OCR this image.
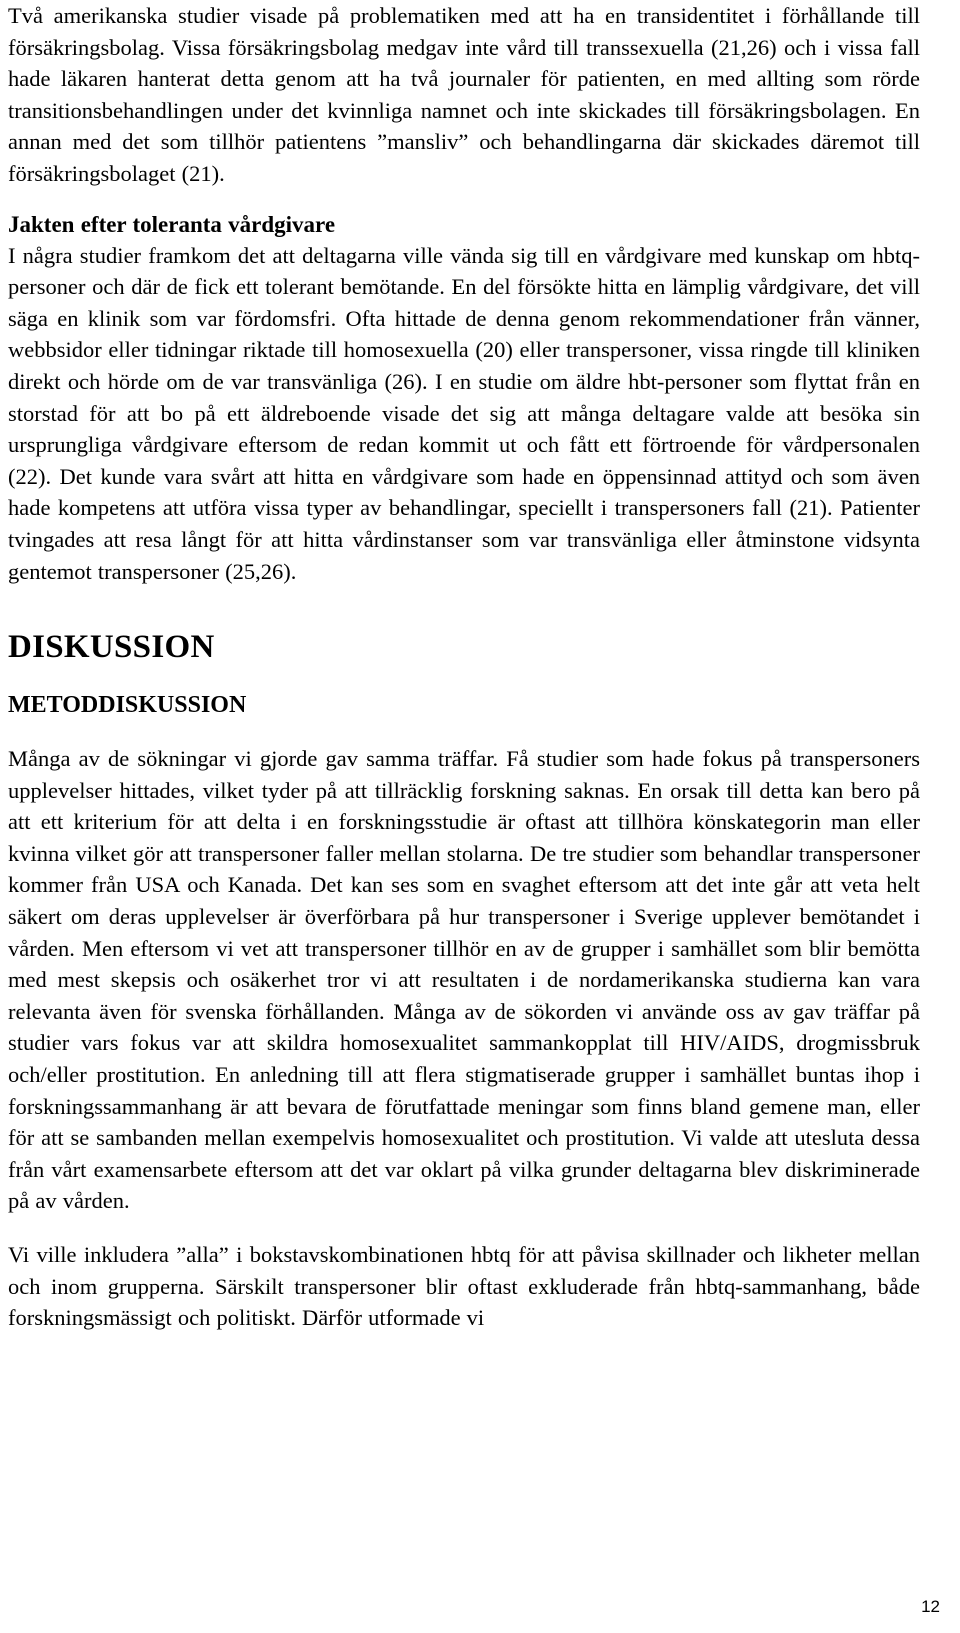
Två amerikanska studier visade på problematiken med att ha en transidentitet i förhållande till försäkringsbolag. Vissa försäkringsbolag medgav inte vård till transsexuella (21,26) och i vissa fall hade läkaren hanterat detta genom att ha två journaler för patienten, en med allting som rörde transitionsbehandlingen under det kvinnliga namnet och inte skickades till försäkringsbolagen. En annan med det som tillhör patientens ”mansliv” och behandlingarna där skickades däremot till försäkringsbolaget (21).

Jakten efter toleranta vårdgivare

I några studier framkom det att deltagarna ville vända sig till en vårdgivare med kunskap om hbtq-personer och där de fick ett tolerant bemötande. En del försökte hitta en lämplig vårdgivare, det vill säga en klinik som var fördomsfri. Ofta hittade de denna genom rekommendationer från vänner, webbsidor eller tidningar riktade till homosexuella (20) eller transpersoner, vissa ringde till kliniken direkt och hörde om de var transvänliga (26). I en studie om äldre hbt-personer som flyttat från en storstad för att bo på ett äldreboende visade det sig att många deltagare valde att besöka sin ursprungliga vårdgivare eftersom de redan kommit ut och fått ett förtroende för vårdpersonalen (22). Det kunde vara svårt att hitta en vårdgivare som hade en öppensinnad attityd och som även hade kompetens att utföra vissa typer av behandlingar, speciellt i transpersoners fall (21). Patienter tvingades att resa långt för att hitta vårdinstanser som var transvänliga eller åtminstone vidsynta gentemot transpersoner (25,26).

DISKUSSION

METODDISKUSSION

Många av de sökningar vi gjorde gav samma träffar. Få studier som hade fokus på transpersoners upplevelser hittades, vilket tyder på att tillräcklig forskning saknas. En orsak till detta kan bero på att ett kriterium för att delta i en forskningsstudie är oftast att tillhöra könskategorin man eller kvinna vilket gör att transpersoner faller mellan stolarna. De tre studier som behandlar transpersoner kommer från USA och Kanada. Det kan ses som en svaghet eftersom att det inte går att veta helt säkert om deras upplevelser är överförbara på hur transpersoner i Sverige upplever bemötandet i vården. Men eftersom vi vet att transpersoner tillhör en av de grupper i samhället som blir bemötta med mest skepsis och osäkerhet tror vi att resultaten i de nordamerikanska studierna kan vara relevanta även för svenska förhållanden. Många av de sökorden vi använde oss av gav träffar på studier vars fokus var att skildra homosexualitet sammankopplat till HIV/AIDS, drogmissbruk och/eller prostitution. En anledning till att flera stigmatiserade grupper i samhället buntas ihop i forskningssammanhang är att bevara de förutfattade meningar som finns bland gemene man, eller för att se sambanden mellan exempelvis homosexualitet och prostitution. Vi valde att utesluta dessa från vårt examensarbete eftersom att det var oklart på vilka grunder deltagarna blev diskriminerade på av vården.

Vi ville inkludera ”alla” i bokstavskombinationen hbtq för att påvisa skillnader och likheter mellan och inom grupperna. Särskilt transpersoner blir oftast exkluderade från hbtq-sammanhang, både forskningsmässigt och politiskt. Därför utformade vi

12
